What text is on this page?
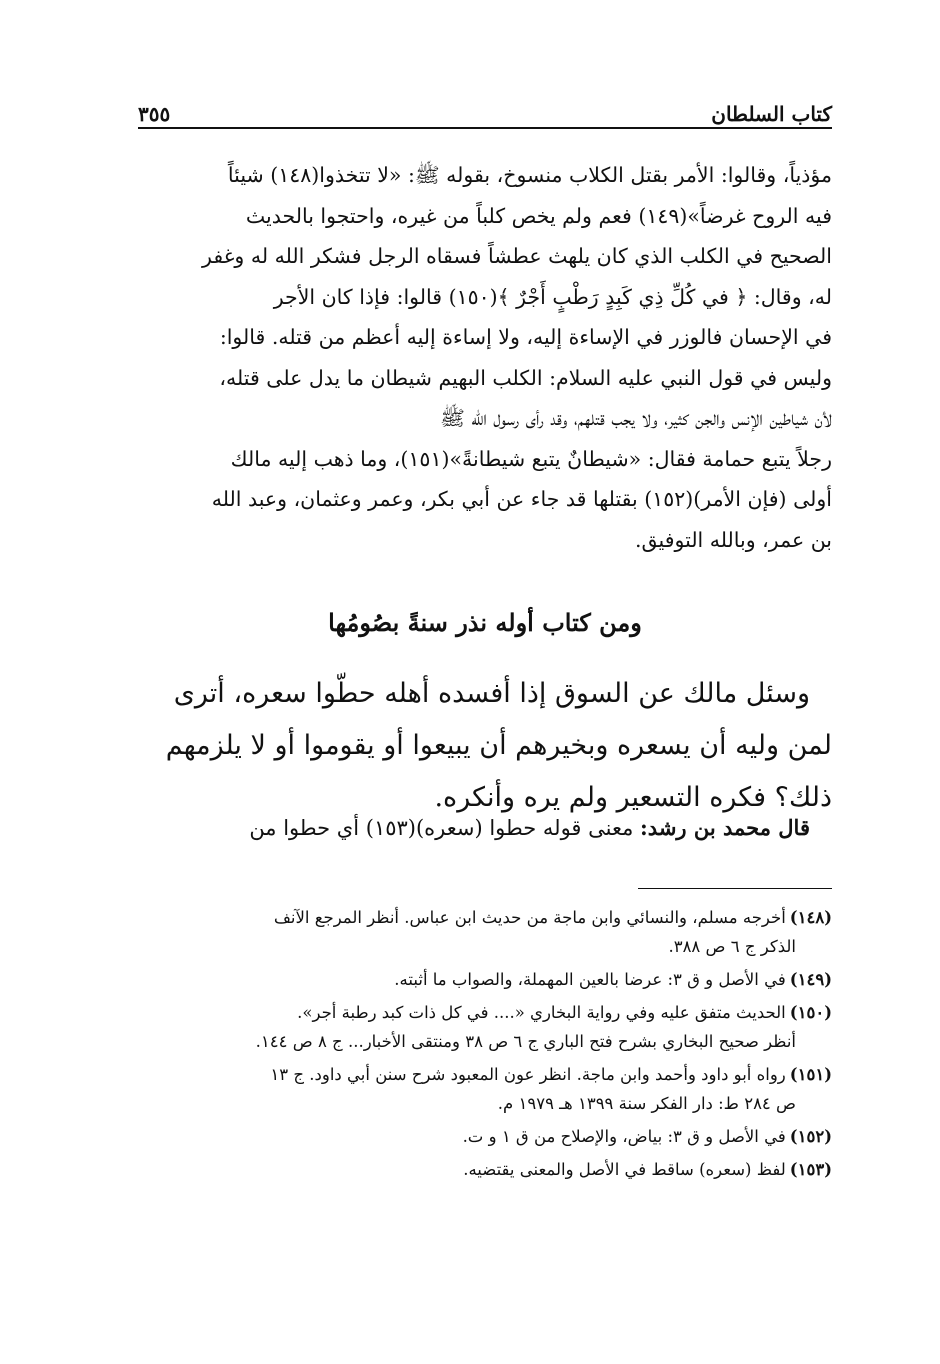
كتاب السلطان
٣٥٥

مؤذياً، وقالوا: الأمر بقتل الكلاب منسوخ، بقوله ﷺ: «لا تتخذوا(١٤٨) شيئاً
فيه الروح غرضاً»(١٤٩) فعم ولم يخص كلباً من غيره، واحتجوا بالحديث
الصحيح في الكلب الذي كان يلهث عطشاً فسقاه الرجل فشكر الله له وغفر
له، وقال: ﴿ في كُلِّ ذِي كَبِدٍ رَطْبٍ أَجْرٌ ﴾(١٥٠) قالوا: فإذا كان الأجر
في الإحسان فالوزر في الإساءة إليه، ولا إساءة إليه أعظم من قتله. قالوا:
وليس في قول النبي عليه السلام: الكلب البهيم شيطان ما يدل على قتله،
لأن شياطين الإنس والجن كثير، ولا يجب قتلهم، وقد رأى رسول الله ﷺ
رجلاً يتبع حمامة فقال: «شيطانٌ يتبع شيطانةً»(١٥١)، وما ذهب إليه مالك
أولى (فإن الأمر)(١٥٢) بقتلها قد جاء عن أبي بكر، وعمر وعثمان، وعبد الله
بن عمر، وبالله التوفيق.

ومن كتاب أوله نذر سنةً بصُومُها

وسئل مالك عن السوق إذا أفسده أهله حطّوا سعره، أترى
لمن وليه أن يسعره وبخيرهم أن يبيعوا أو يقوموا أو لا يلزمهم
ذلك؟ فكره التسعير ولم يره وأنكره.

قال محمد بن رشد: معنى قوله حطوا (سعره)(١٥٣) أي حطوا من

(١٤٨)أخرجه مسلم، والنسائي وابن ماجة من حديث ابن عباس. أنظر المرجع الآنف
الذكر ج ٦ ص ٣٨٨.
(١٤٩)في الأصل و ق ٣: عرضا بالعين المهملة، والصواب ما أثبته.
(١٥٠)الحديث متفق عليه وفي رواية البخاري «.... في كل ذات كبد رطبة أجر».
أنظر صحيح البخاري بشرح فتح الباري ج ٦ ص ٣٨ ومنتقى الأخبار... ج ٨ ص ١٤٤.
(١٥١)رواه أبو داود وأحمد وابن ماجة. انظر عون المعبود شرح سنن أبي داود. ج ١٣
ص ٢٨٤ ط: دار الفكر سنة ١٣٩٩ هـ ١٩٧٩ م.
(١٥٢)في الأصل و ق ٣: بياض، والإصلاح من ق ١ و ت.
(١٥٣)لفظ (سعره) ساقط في الأصل والمعنى يقتضيه.
